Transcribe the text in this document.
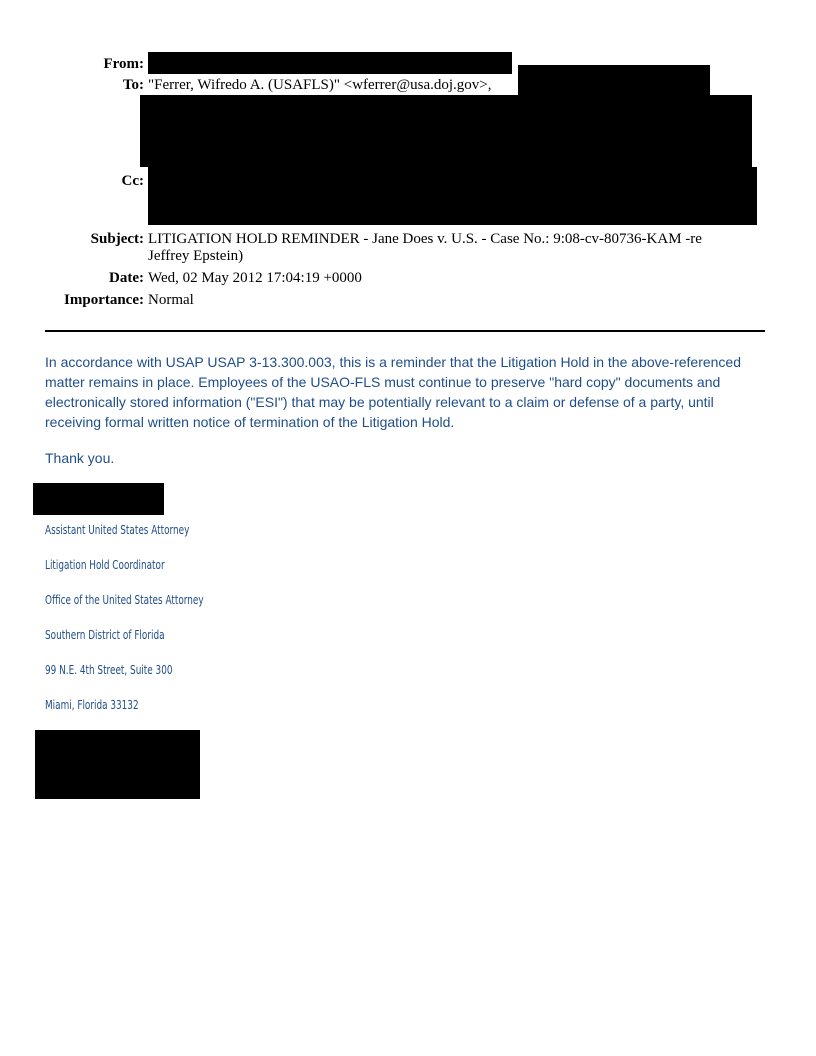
From:
To: "Ferrer, Wifredo A. (USAFLS)" <wferrer@usa.doj.gov>,
Cc:
Subject: LITIGATION HOLD REMINDER - Jane Does v. U.S. - Case No.: 9:08-cv-80736-KAM -re
Jeffrey Epstein)
Date: Wed, 02 May 2012 17:04:19 +0000
Importance: Normal
In accordance with USAP USAP 3-13.300.003, this is a reminder that the Litigation Hold in the above-referenced matter remains in place. Employees of the USAO-FLS must continue to preserve "hard copy" documents and electronically stored information ("ESI") that may be potentially relevant to a claim or defense of a party, until receiving formal written notice of termination of the Litigation Hold.
Thank you.
Assistant United States Attorney
Litigation Hold Coordinator
Office of the United States Attorney
Southern District of Florida
99 N.E. 4th Street, Suite 300
Miami, Florida 33132
